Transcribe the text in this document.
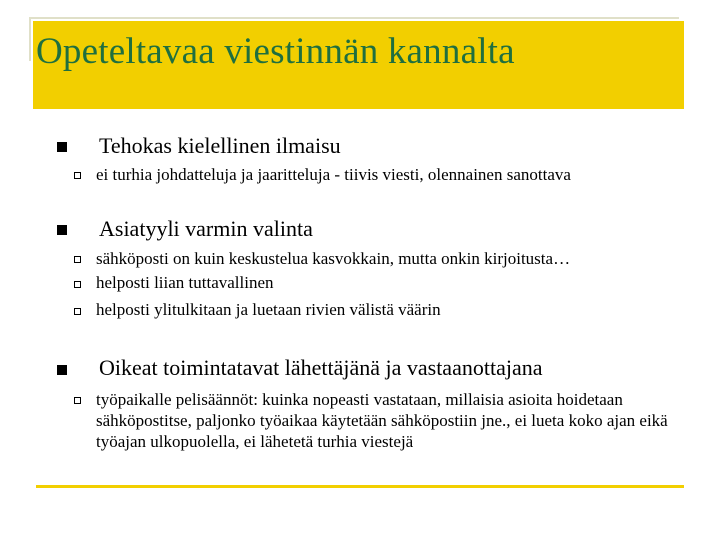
Opeteltavaa viestinnän kannalta
Tehokas kielellinen ilmaisu
ei turhia johdatteluja ja jaaritteluja - tiivis viesti, olennainen sanottava
Asiatyyli varmin valinta
sähköposti on kuin keskustelua kasvokkain, mutta onkin kirjoitusta…
helposti liian tuttavallinen
helposti ylitulkitaan ja luetaan rivien välistä väärin
Oikeat toimintatavat lähettäjänä ja vastaanottajana
työpaikalle pelisäännöt: kuinka nopeasti vastataan, millaisia asioita hoidetaan sähköpostitse, paljonko työaikaa käytetään sähköpostiin jne., ei lueta koko ajan eikä työajan ulkopuolella, ei lähetetä turhia viestejä
